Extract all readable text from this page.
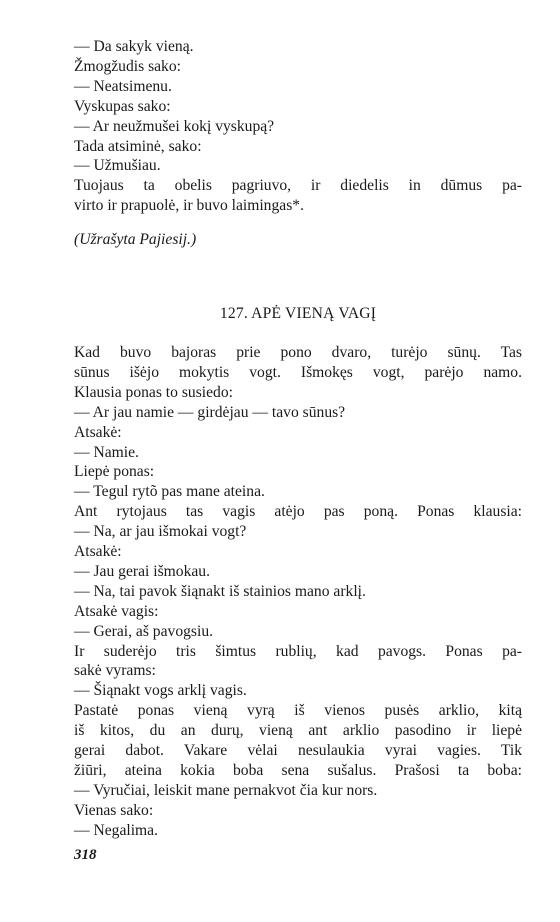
— Da sakyk vieną.

Žmogžudis sako:

— Neatsimenu.

Vyskupas sako:

— Ar neužmušei kokį vyskupą?

Tada atsiminė, sako:

— Užmušiau.

Tuojaus ta obelis pagriuvo, ir diedelis in dūmus pa-

virto ir prapuolė, ir buvo laimingas*.

(Užrašyta Pajiesij.)

127. APĖ VIENĄ VAGĮ

Kad buvo bajoras prie pono dvaro, turėjo sūnų. Tas

sūnus išėjo mokytis vogt. Išmokęs vogt, parėjo namo.

Klausia ponas to susiedo:

— Ar jau namie — girdėjau — tavo sūnus?

Atsakė:

— Namie.

Liepė ponas:

— Tegul rytõ pas mane ateina.

Ant rytojaus tas vagis atėjo pas poną. Ponas klausia:

— Na, ar jau išmokai vogt?

Atsakė:

— Jau gerai išmokau.

— Na, tai pavok šiąnakt iš stainios mano arklį.

Atsakė vagis:

— Gerai, aš pavogsiu.

Ir suderėjo tris šimtus rublių, kad pavogs. Ponas pa-

sakė vyrams:

— Šiąnakt vogs arklį vagis.

Pastatė ponas vieną vyrą iš vienos pusės arklio, kitą

iš kitos, du an durų, vieną ant arklio pasodino ir liepė

gerai dabot. Vakare vėlai nesulaukia vyrai vagies. Tik

žiūri, ateina kokia boba sena sušalus. Prašosi ta boba:

— Vyručiai, leiskit mane pernakvot čia kur nors.

Vienas sako:

— Negalima.

318
